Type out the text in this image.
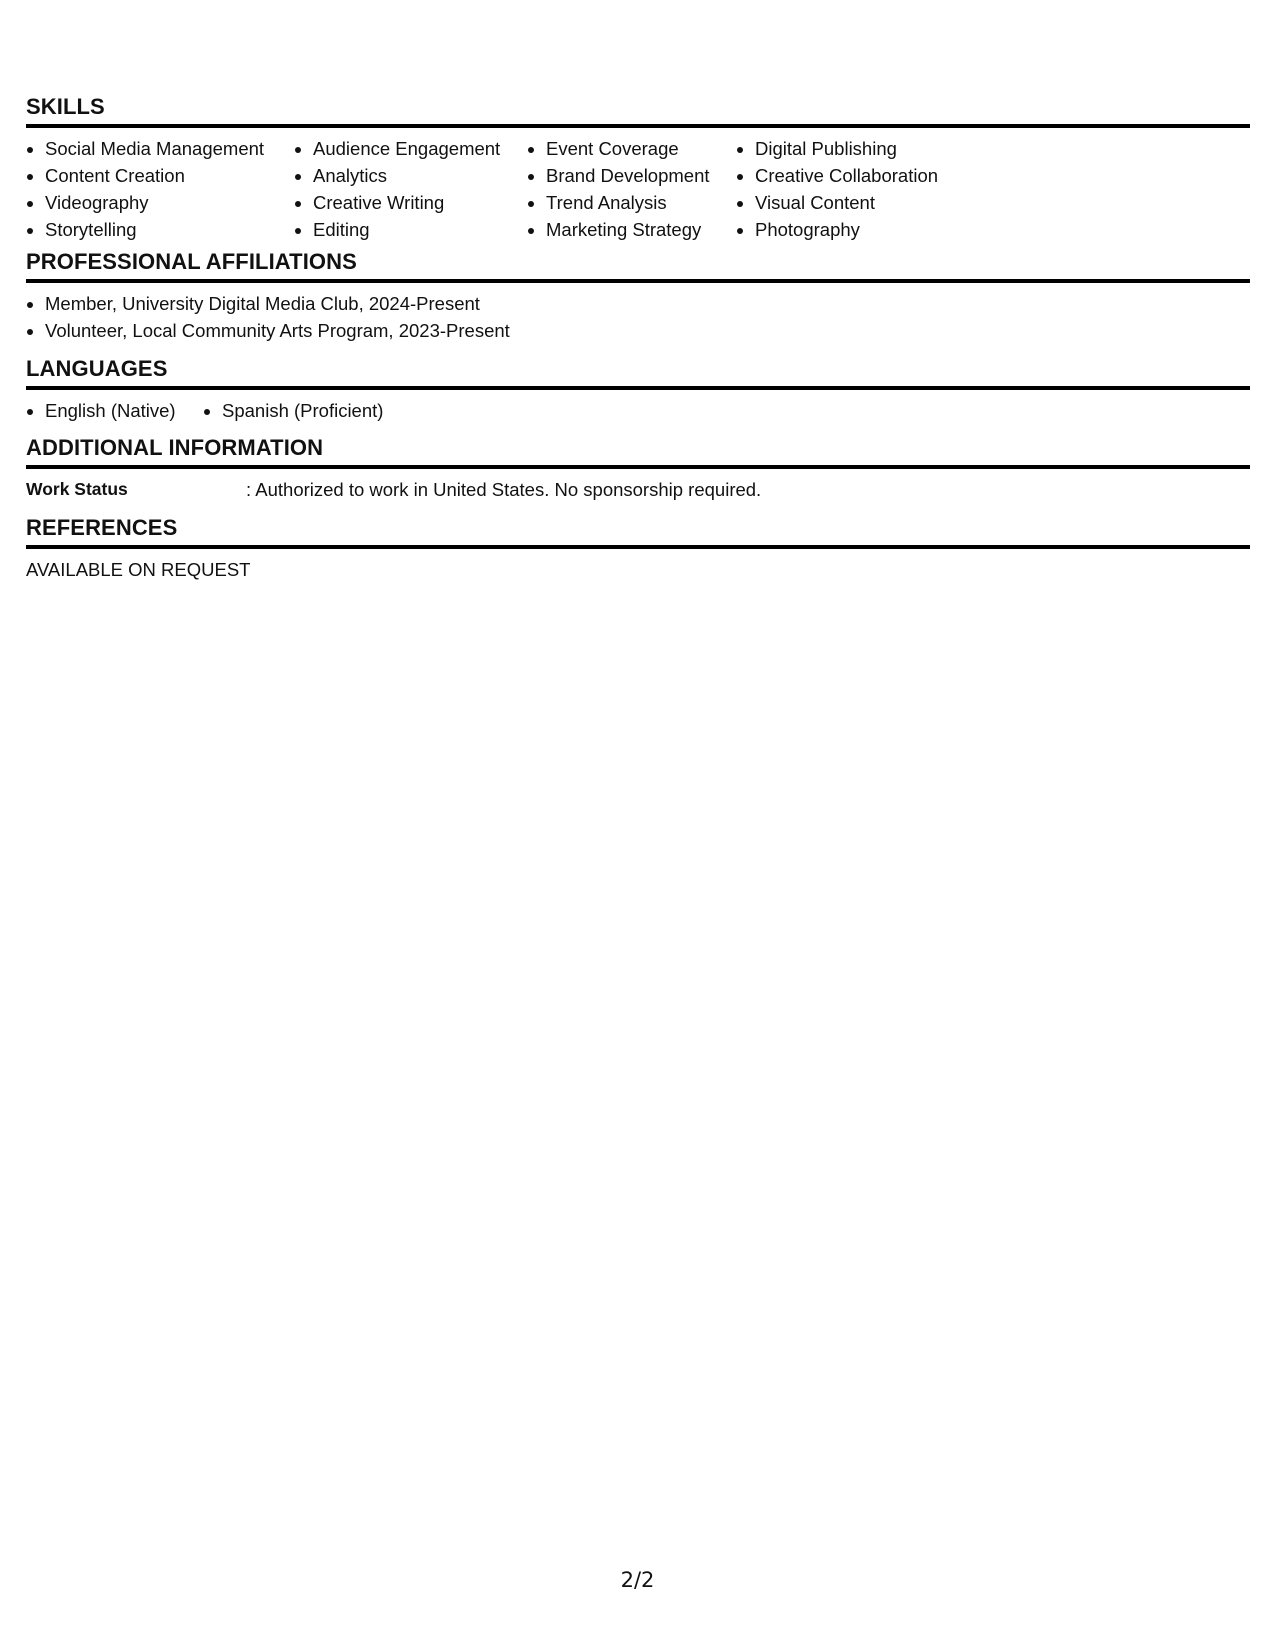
SKILLS
Social Media Management
Content Creation
Videography
Storytelling
Audience Engagement
Analytics
Creative Writing
Editing
Event Coverage
Brand Development
Trend Analysis
Marketing Strategy
Digital Publishing
Creative Collaboration
Visual Content
Photography
PROFESSIONAL AFFILIATIONS
Member, University Digital Media Club, 2024-Present
Volunteer, Local Community Arts Program, 2023-Present
LANGUAGES
English (Native)	Spanish (Proficient)
ADDITIONAL INFORMATION
Work Status	: Authorized to work in United States. No sponsorship required.
REFERENCES
AVAILABLE ON REQUEST
2/2
